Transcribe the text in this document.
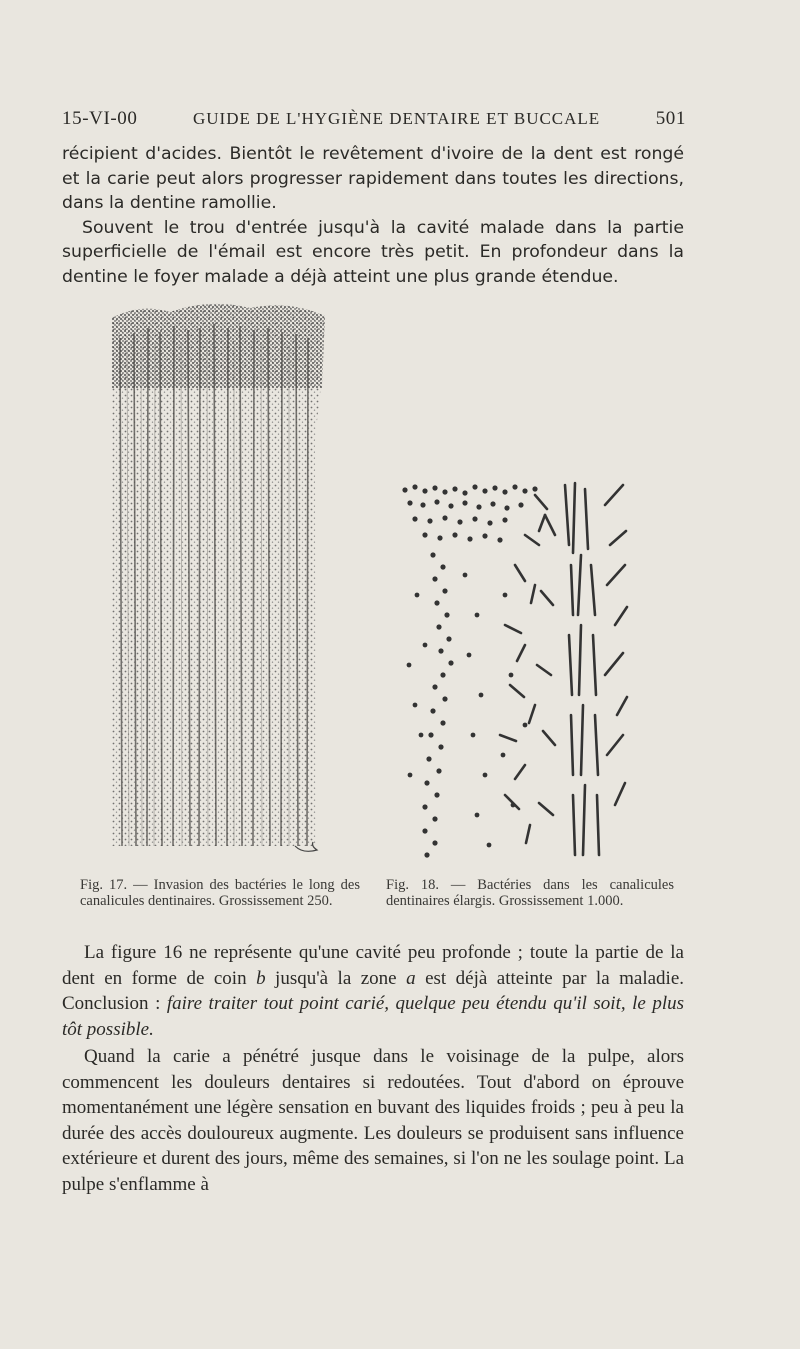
15-VI-00	GUIDE DE L'HYGIÈNE DENTAIRE ET BUCCALE	501

récipient d'acides. Bientôt le revêtement d'ivoire de la dent est rongé et la carie peut alors progresser rapidement dans toutes les directions, dans la dentine ramollie.

Souvent le trou d'entrée jusqu'à la cavité malade dans la partie superficielle de l'émail est encore très petit. En profondeur dans la dentine le foyer malade a déjà atteint une plus grande étendue.

Fig. 17. — Invasion des bactéries le long des canalicules dentinaires. Grossissement 250.
Fig. 18. — Bactéries dans les canalicules dentinaires élargis. Grossissement 1.000.

La figure 16 ne représente qu'une cavité peu profonde ; toute la partie de la dent en forme de coin b jusqu'à la zone a est déjà atteinte par la maladie. Conclusion : faire traiter tout point carié, quelque peu étendu qu'il soit, le plus tôt possible.

Quand la carie a pénétré jusque dans le voisinage de la pulpe, alors commencent les douleurs dentaires si redoutées. Tout d'abord on éprouve momentanément une légère sensation en buvant des liquides froids ; peu à peu la durée des accès douloureux augmente. Les douleurs se produisent sans influence extérieure et durent des jours, même des semaines, si l'on ne les soulage point. La pulpe s'enflamme à
